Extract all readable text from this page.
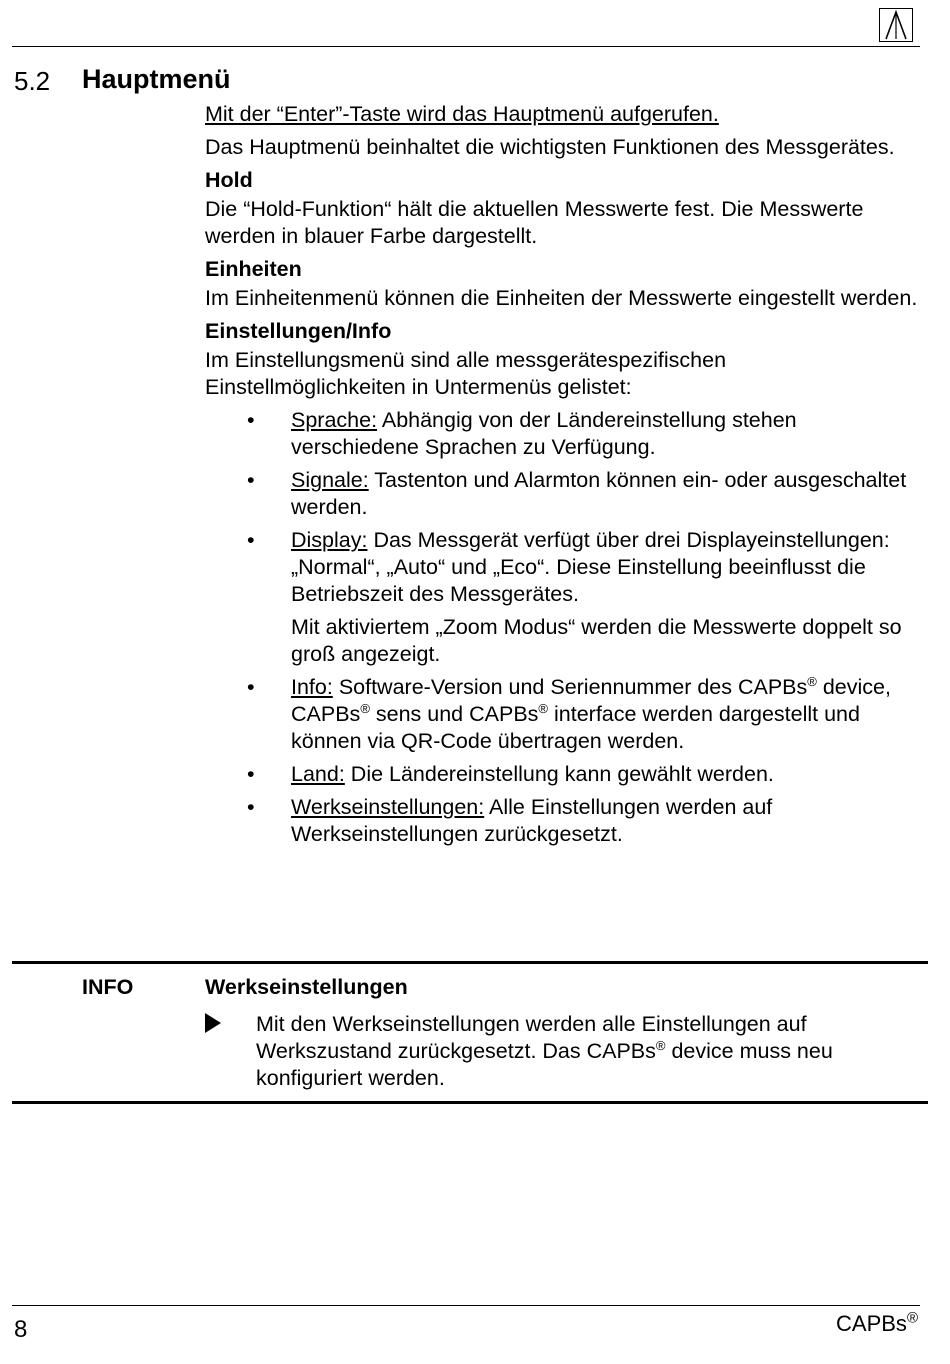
5.2 Hauptmenü

Mit der “Enter”-Taste wird das Hauptmenü aufgerufen.

Das Hauptmenü beinhaltet die wichtigsten Funktionen des Messgerätes.

Hold

Die “Hold-Funktion“ hält die aktuellen Messwerte fest. Die Messwerte werden in blauer Farbe dargestellt.

Einheiten

Im Einheitenmenü können die Einheiten der Messwerte eingestellt werden.

Einstellungen/Info

Im Einstellungsmenü sind alle messgerätespezifischen Einstellmöglichkeiten in Untermenüs gelistet:

• Sprache: Abhängig von der Ländereinstellung stehen verschiedene Sprachen zu Verfügung.
• Signale: Tastenton und Alarmton können ein- oder ausgeschaltet werden.
• Display: Das Messgerät verfügt über drei Displayeinstellungen: „Normal“, „Auto“ und „Eco“. Diese Einstellung beeinflusst die Betriebszeit des Messgerätes.

Mit aktiviertem „Zoom Modus“ werden die Messwerte doppelt so groß angezeigt.

• Info: Software-Version und Seriennummer des CAPBs® device, CAPBs® sens und CAPBs® interface werden dargestellt und können via QR-Code übertragen werden.
• Land: Die Ländereinstellung kann gewählt werden.
• Werkseinstellungen: Alle Einstellungen werden auf Werkseinstellungen zurückgesetzt.
INFO	Werkseinstellungen
Mit den Werkseinstellungen werden alle Einstellungen auf Werkszustand zurückgesetzt. Das CAPBs® device muss neu konfiguriert werden.
8	CAPBs®
